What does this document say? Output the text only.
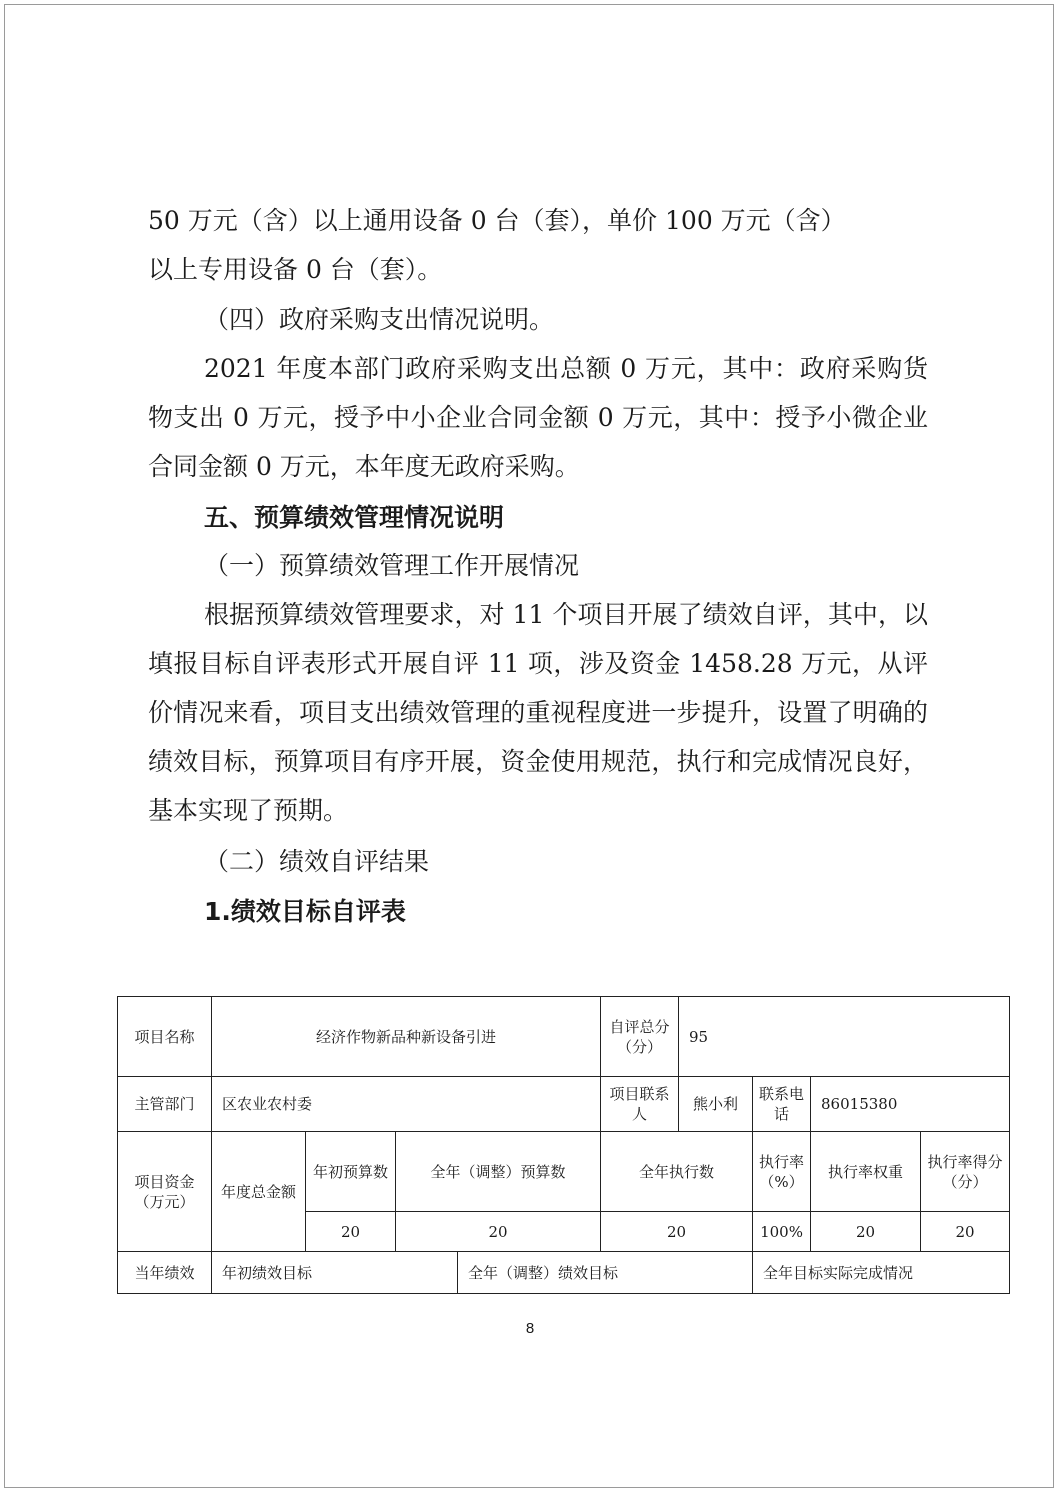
50 万元（含）以上通用设备 0 台（套），单价 100 万元（含）

以上专用设备 0 台（套）。

（四）政府采购支出情况说明。

2021 年度本部门政府采购支出总额 0 万元，其中：政府采购货物支出 0 万元，授予中小企业合同金额 0 万元，其中：授予小微企业合同金额 0 万元，本年度无政府采购。

五、预算绩效管理情况说明

（一）预算绩效管理工作开展情况

根据预算绩效管理要求，对 11 个项目开展了绩效自评，其中，以填报目标自评表形式开展自评 11 项，涉及资金 1458.28 万元，从评价情况来看，项目支出绩效管理的重视程度进一步提升，设置了明确的绩效目标，预算项目有序开展，资金使用规范，执行和完成情况良好，基本实现了预期。

（二）绩效自评结果

1.绩效目标自评表

项目名称	经济作物新品种新设备引进				自评总分（分）	95			
主管部门	区农业农村委				项目联系人	熊小利	联系电话	86015380	
项目资金（万元）	年度总金额	年初预算数	全年（调整）预算数		全年执行数		执行率（%）	执行率权重	执行率得分（分）
		20	20		20		100%	20	20
当年绩效	年初绩效目标			全年（调整）绩效目标			全年目标实际完成情况		
8
